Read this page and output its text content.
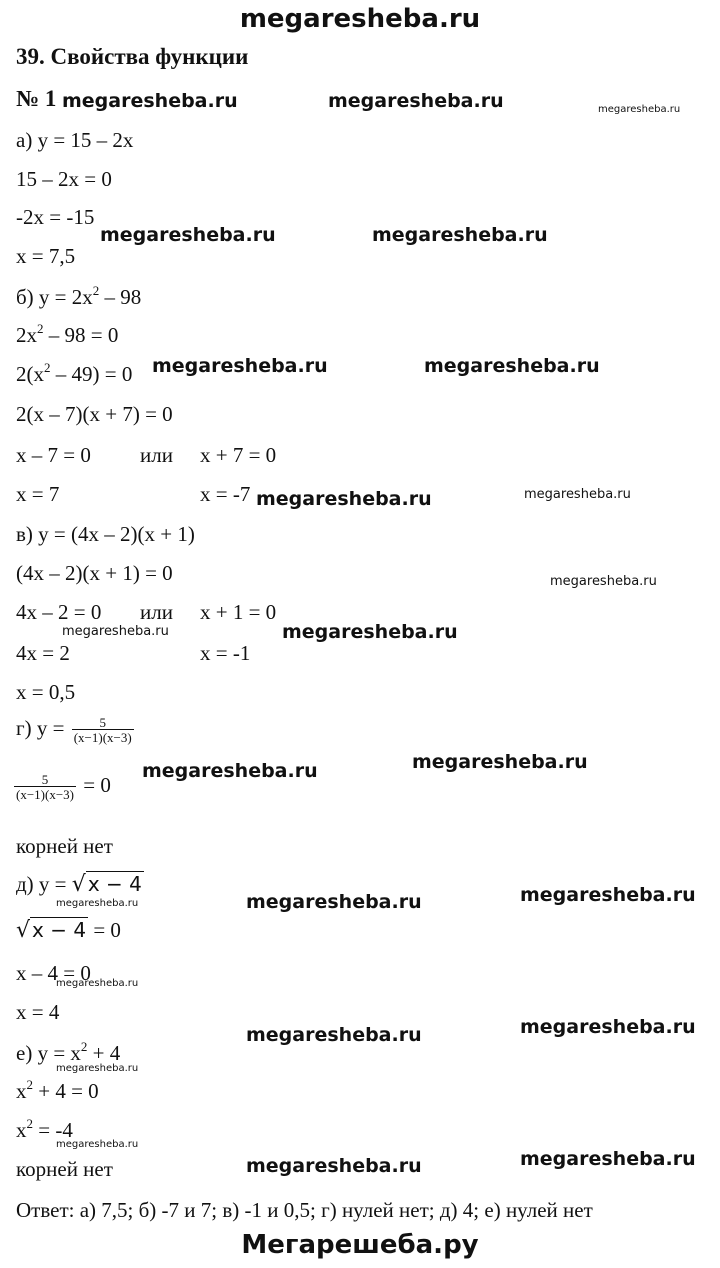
megaresheba.ru
39. Свойства функции
№ 1
а) y = 15 – 2x
15 – 2x = 0
-2x = -15
x = 7,5
б) $y = 2x^2 - 98$
$2x^2 - 98 = 0$
$2(x^2 - 49) = 0$
2(x – 7)(x + 7) = 0
x – 7 = 0 или x + 7 = 0
x = 7	x = -7
в) y = (4x – 2)(x + 1)
(4x – 2)(x + 1) = 0
4x – 2 = 0 или x + 1 = 0
4x = 2	x = -1
x = 0,5
г) $y = \frac{5}{(x-1)(x-3)}$
$\frac{5}{(x-1)(x-3)} = 0$
корней нет
д) y = √ x − 4
√ x − 4 = 0
x – 4 = 0
x = 4
е) $y = x^2 + 4$
$x^2 + 4 = 0$
$x^2 = -4$
корней нет
Ответ: а) 7,5; б) -7 и 7; в) -1 и 0,5; г) нулей нет; д) 4; е) нулей нет
Мегарешеба.ру
megaresheba.ru	megaresheba.ru	megaresheba.ru
megaresheba.ru	megaresheba.ru
megaresheba.ru	megaresheba.ru
megaresheba.ru	megaresheba.ru
megaresheba.ru
megaresheba.ru	megaresheba.ru
megaresheba.ru	megaresheba.ru
megaresheba.ru	megaresheba.ru	megaresheba.ru
megaresheba.ru
megaresheba.ru	megaresheba.ru
megaresheba.ru
megaresheba.ru
megaresheba.ru	megaresheba.ru
